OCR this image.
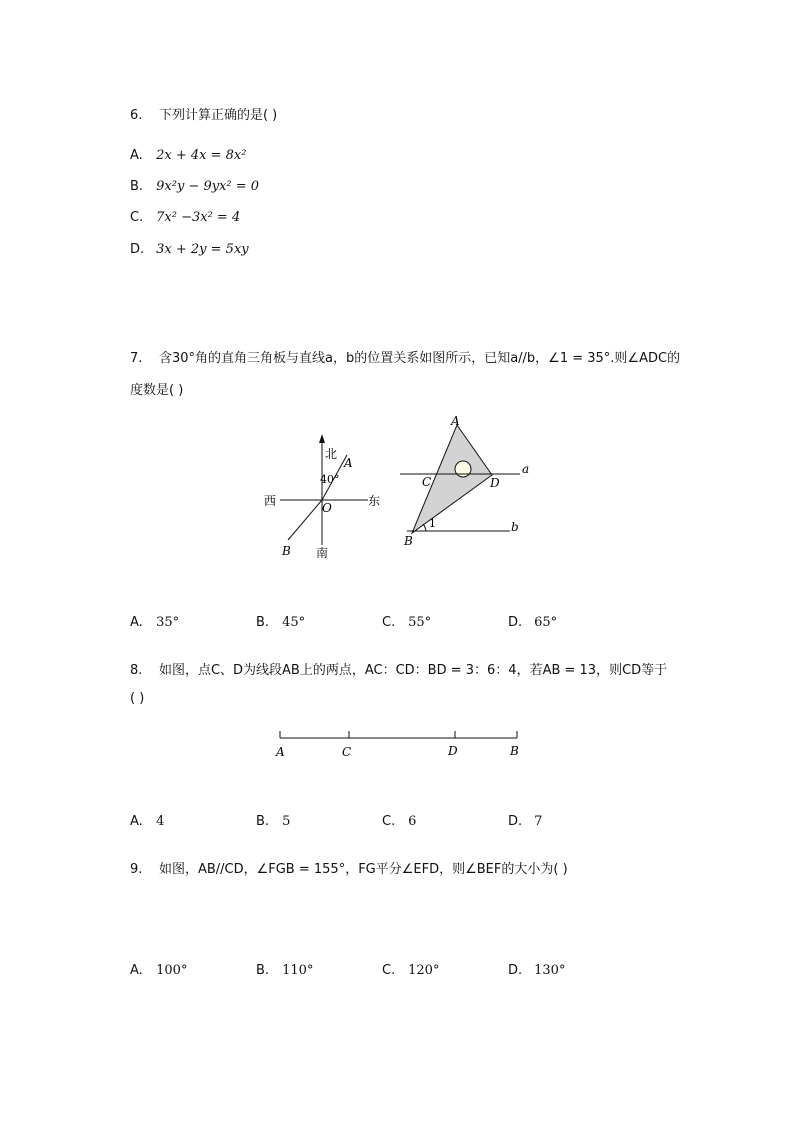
6. 下列计算正确的是( )
A. 2x + 4x = 8x²
B. 9x²y − 9yx² = 0
C. 7x² −3x² = 4
D. 3x + 2y = 5xy
7. 含30°角的直角三角板与直线a，b的位置关系如图所示，已知a//b，∠1 = 35°.则∠ADC的
度数是( )
北
40°
A
西	东
O
B 南
A
C	D
a
b
1
B
A. 35°	B. 45°	C. 55°	D. 65°
8. 如图，点C、D为线段AB上的两点，AC：CD：BD = 3：6：4，若AB = 13，则CD等于
( )
A	C	D	B
A. 4	B. 5	C. 6	D. 7
9. 如图，AB//CD，∠FGB = 155°，FG平分∠EFD，则∠BEF的大小为( )
A. 100°	B. 110°	C. 120°	D. 130°
